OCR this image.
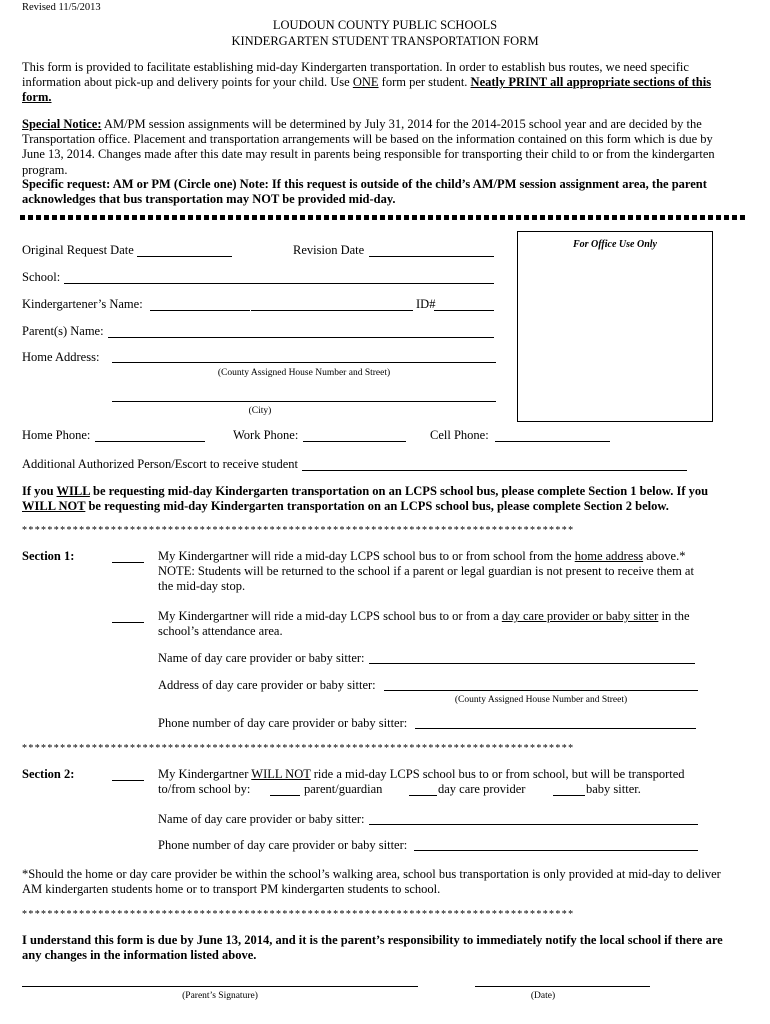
Revised 11/5/2013
LOUDOUN COUNTY PUBLIC SCHOOLS
KINDERGARTEN STUDENT TRANSPORTATION FORM
This form is provided to facilitate establishing mid-day Kindergarten transportation. In order to establish bus routes, we need specific information about pick-up and delivery points for your child. Use ONE form per student. Neatly PRINT all appropriate sections of this form.
Special Notice: AM/PM session assignments will be determined by July 31, 2014 for the 2014-2015 school year and are decided by the Transportation office. Placement and transportation arrangements will be based on the information contained on this form which is due by June 13, 2014. Changes made after this date may result in parents being responsible for transporting their child to or from the kindergarten program.
Specific request: AM or PM (Circle one) Note: If this request is outside of the child’s AM/PM session assignment area, the parent acknowledges that bus transportation may NOT be provided mid-day.
For Office Use Only
Original Request Date	Revision Date
School:
Kindergartener’s Name:	ID#
Parent(s) Name:
Home Address:
(County Assigned House Number and Street)
(City)
Home Phone:	Work Phone:	Cell Phone:
Additional Authorized Person/Escort to receive student
If you WILL be requesting mid-day Kindergarten transportation on an LCPS school bus, please complete Section 1 below. If you WILL NOT be requesting mid-day Kindergarten transportation on an LCPS school bus, please complete Section 2 below.
***************************************************************************************
Section 1:	My Kindergartner will ride a mid-day LCPS school bus to or from school from the home address above.* NOTE: Students will be returned to the school if a parent or legal guardian is not present to receive them at the mid-day stop.
My Kindergartner will ride a mid-day LCPS school bus to or from a day care provider or baby sitter in the school’s attendance area.
Name of day care provider or baby sitter:
Address of day care provider or baby sitter:
(County Assigned House Number and Street)
Phone number of day care provider or baby sitter:
***************************************************************************************
Section 2:	My Kindergartner WILL NOT ride a mid-day LCPS school bus to or from school, but will be transported
to/from school by:	parent/guardian	day care provider	baby sitter.
Name of day care provider or baby sitter:
Phone number of day care provider or baby sitter:
*Should the home or day care provider be within the school’s walking area, school bus transportation is only provided at mid-day to deliver AM kindergarten students home or to transport PM kindergarten students to school.
***************************************************************************************
I understand this form is due by June 13, 2014, and it is the parent’s responsibility to immediately notify the local school if there are any changes in the information listed above.
(Parent’s Signature)	(Date)
